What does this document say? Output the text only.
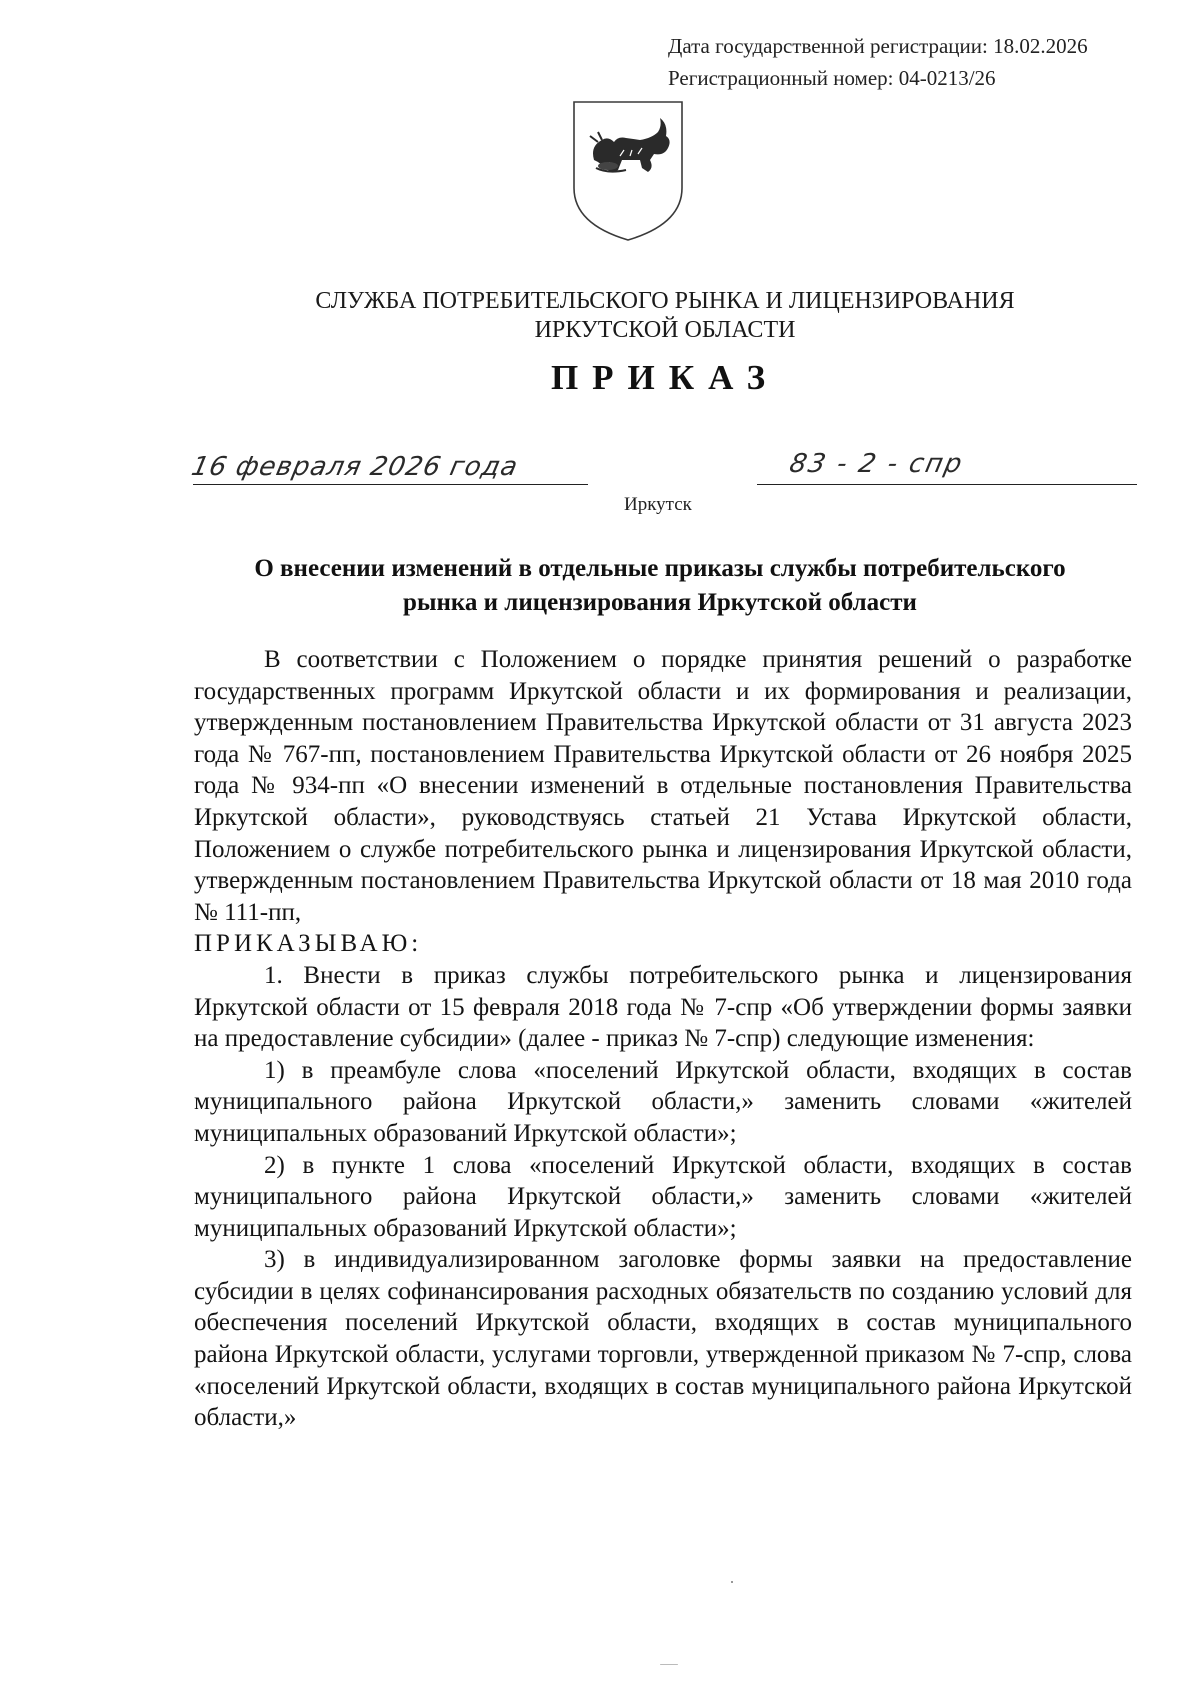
Дата государственной регистрации: 18.02.2026
Регистрационный номер: 04-0213/26
СЛУЖБА ПОТРЕБИТЕЛЬСКОГО РЫНКА И ЛИЦЕНЗИРОВАНИЯ
ИРКУТСКОЙ ОБЛАСТИ
ПРИКАЗ
16 февраля 2026 года	83 - 2 - спр
Иркутск
О внесении изменений в отдельные приказы службы потребительского
рынка и лицензирования Иркутской области

В соответствии с Положением о порядке принятия решений о разработке государственных программ Иркутской области и их формирования и реализации, утвержденным постановлением Правительства Иркутской области от 31 августа 2023 года № 767-пп, постановлением Правительства Иркутской области от 26 ноября 2025 года № 934-пп «О внесении изменений в отдельные постановления Правительства Иркутской области», руководствуясь статьей 21 Устава Иркутской области, Положением о службе потребительского рынка и лицензирования Иркутской области, утвержденным постановлением Правительства Иркутской области от 18 мая 2010 года № 111-пп,

ПРИКАЗЫВАЮ:

1. Внести в приказ службы потребительского рынка и лицензирования Иркутской области от 15 февраля 2018 года № 7-спр «Об утверждении формы заявки на предоставление субсидии» (далее - приказ № 7-спр) следующие изменения:

1) в преамбуле слова «поселений Иркутской области, входящих в состав муниципального района Иркутской области,» заменить словами «жителей муниципальных образований Иркутской области»;

2) в пункте 1 слова «поселений Иркутской области, входящих в состав муниципального района Иркутской области,» заменить словами «жителей муниципальных образований Иркутской области»;

3) в индивидуализированном заголовке формы заявки на предоставление субсидии в целях софинансирования расходных обязательств по созданию условий для обеспечения поселений Иркутской области, входящих в состав муниципального района Иркутской области, услугами торговли, утвержденной приказом № 7-спр, слова «поселений Иркутской области, входящих в состав муниципального района Иркутской области,»
